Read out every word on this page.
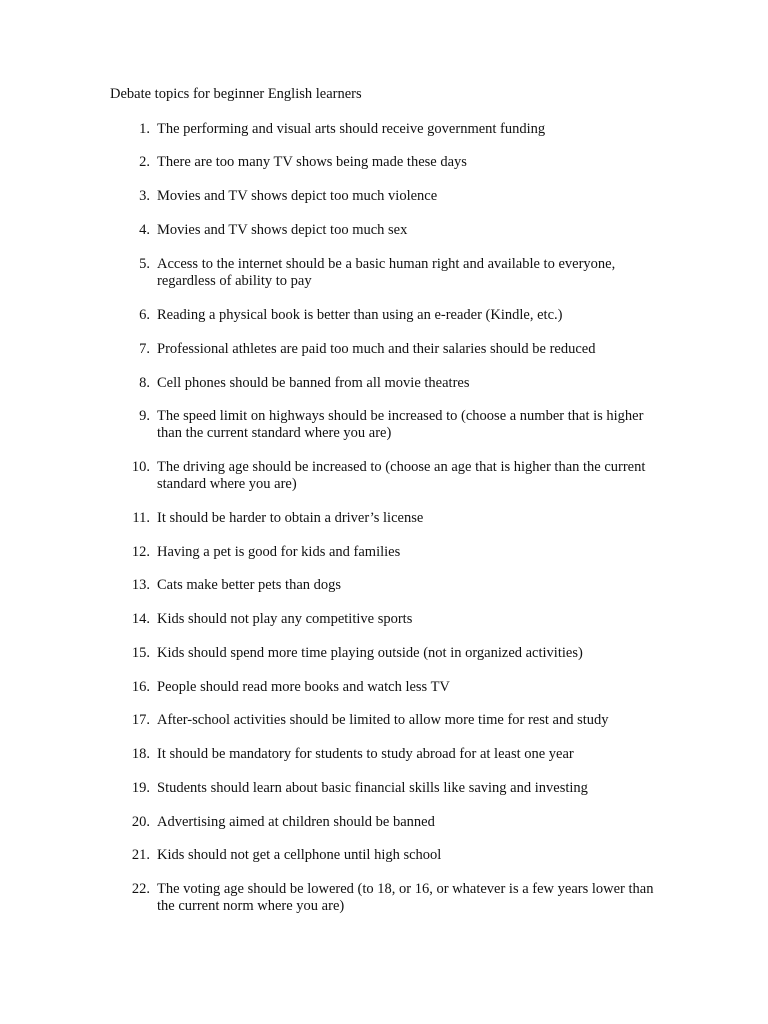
Debate topics for beginner English learners
1. The performing and visual arts should receive government funding
2. There are too many TV shows being made these days
3. Movies and TV shows depict too much violence
4. Movies and TV shows depict too much sex
5. Access to the internet should be a basic human right and available to everyone, regardless of ability to pay
6. Reading a physical book is better than using an e-reader (Kindle, etc.)
7. Professional athletes are paid too much and their salaries should be reduced
8. Cell phones should be banned from all movie theatres
9. The speed limit on highways should be increased to (choose a number that is higher than the current standard where you are)
10. The driving age should be increased to (choose an age that is higher than the current standard where you are)
11. It should be harder to obtain a driver’s license
12. Having a pet is good for kids and families
13. Cats make better pets than dogs
14. Kids should not play any competitive sports
15. Kids should spend more time playing outside (not in organized activities)
16. People should read more books and watch less TV
17. After-school activities should be limited to allow more time for rest and study
18. It should be mandatory for students to study abroad for at least one year
19. Students should learn about basic financial skills like saving and investing
20. Advertising aimed at children should be banned
21. Kids should not get a cellphone until high school
22. The voting age should be lowered (to 18, or 16, or whatever is a few years lower than the current norm where you are)
